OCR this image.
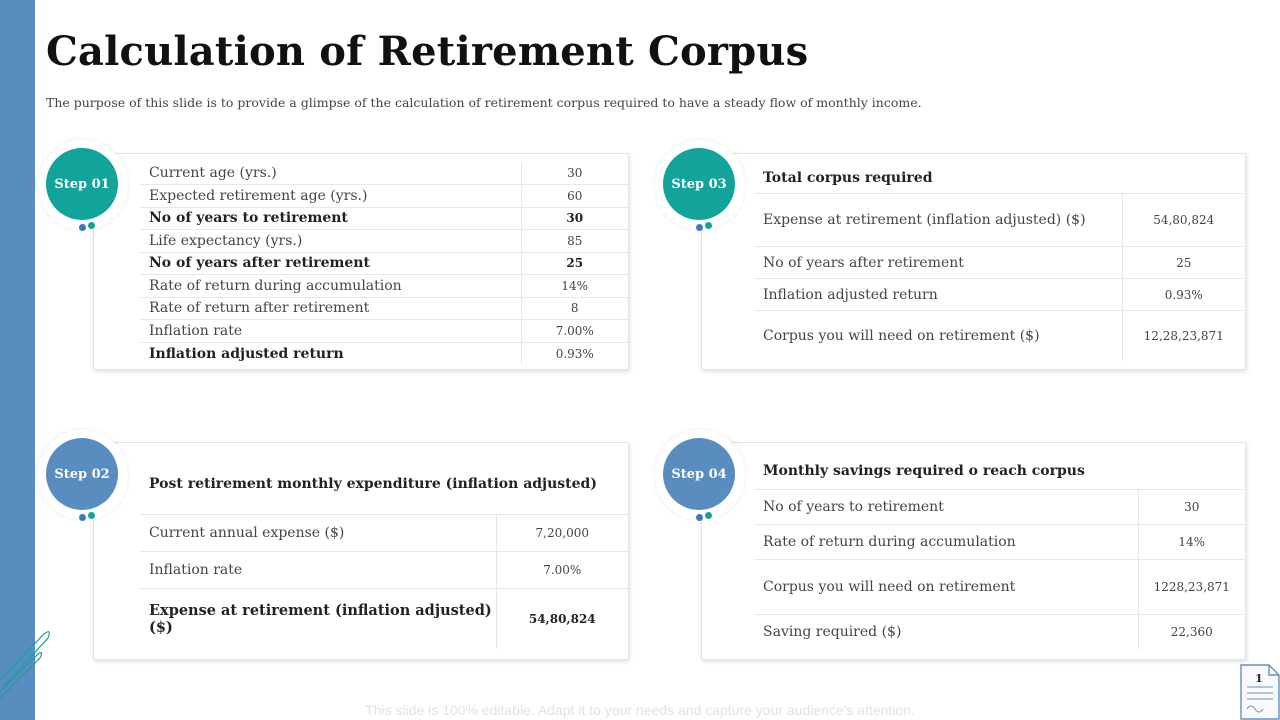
Calculation of Retirement Corpus
The purpose of this slide is to provide a glimpse of the calculation of retirement corpus required to have a steady flow of monthly income.
Current age (yrs.)	30
Expected retirement age (yrs.)	60
No of years to retirement	30
Life expectancy (yrs.)	85
No of years after retirement	25
Rate of return during accumulation	14%
Rate of return after retirement	8
Inflation rate	7.00%
Inflation adjusted return	0.93%
Step 01	Total corpus required
Expense at retirement (inflation adjusted) ($)	54,80,824
No of years after retirement	25
Inflation adjusted return	0.93%
Corpus you will need on retirement ($)	12,28,23,871
Step 03
Post retirement monthly expenditure (inflation adjusted)
Current annual expense ($)	7,20,000
Inflation rate	7.00%
Expense at retirement (inflation adjusted) ($)	54,80,824
Step 02	Monthly savings required o reach corpus
No of years to retirement	30
Rate of return during accumulation	14%
Corpus you will need on retirement	1228,23,871
Saving required ($)	22,360
Step 04
This slide is 100% editable. Adapt it to your needs and capture your audience's attention.
1
